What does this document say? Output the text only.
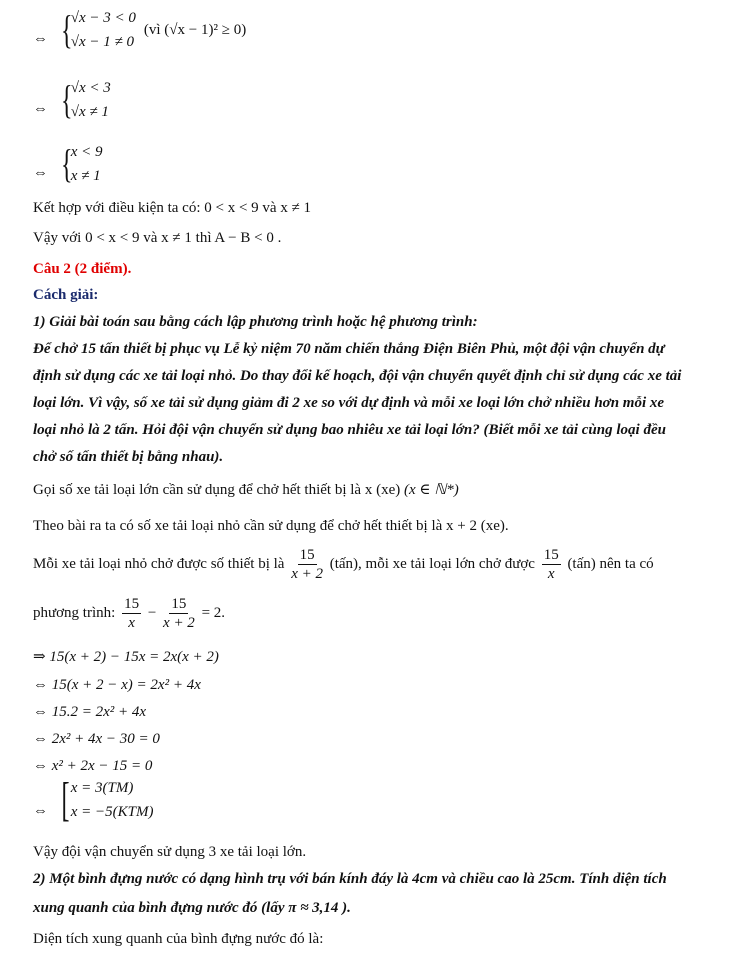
⇔ {
√x − 3 < 0
√x − 1 ≠ 0
(vì (√x − 1)² ≥ 0)
⇔ {
√x < 3
√x ≠ 1
⇔ {
x < 9
x ≠ 1
Kết hợp với điều kiện ta có: 0 < x < 9 và x ≠ 1
Vậy với 0 < x < 9 và x ≠ 1 thì A − B < 0 .
Câu 2 (2 điểm).
Cách giải:
1) Giải bài toán sau bằng cách lập phương trình hoặc hệ phương trình:
Để chở 15 tấn thiết bị phục vụ Lễ kỷ niệm 70 năm chiến thắng Điện Biên Phủ, một đội vận chuyển dự
định sử dụng các xe tải loại nhỏ. Do thay đổi kế hoạch, đội vận chuyển quyết định chỉ sử dụng các xe tải
loại lớn. Vì vậy, số xe tải sử dụng giảm đi 2 xe so với dự định và mỗi xe loại lớn chở nhiều hơn mỗi xe
loại nhỏ là 2 tấn. Hỏi đội vận chuyển sử dụng bao nhiêu xe tải loại lớn? (Biết mỗi xe tải cùng loại đều
chở số tấn thiết bị bằng nhau).
Gọi số xe tải loại lớn cần sử dụng để chở hết thiết bị là x (xe) (x ∈ ℕ*)
Theo bài ra ta có số xe tải loại nhỏ cần sử dụng để chở hết thiết bị là x + 2 (xe).
Mỗi xe tải loại nhỏ chở được số thiết bị là $\frac{15}{x + 2}$ (tấn), mỗi xe tải loại lớn chở được $\frac{15}{x}$ (tấn) nên ta có
phương trình: $\frac{15}{x} - \frac{15}{x + 2} = 2$.
⇒ 15(x + 2) − 15x = 2x(x + 2)
⇔ 15(x + 2 − x) = 2x² + 4x
⇔ 15.2 = 2x² + 4x
⇔ 2x² + 4x − 30 = 0
⇔ x² + 2x − 15 = 0
⇔ [ x = 3(TM)
x = −5(KTM)
Vậy đội vận chuyển sử dụng 3 xe tải loại lớn.
2) Một bình đựng nước có dạng hình trụ với bán kính đáy là 4cm và chiều cao là 25cm. Tính diện tích
xung quanh của bình đựng nước đó (lấy π ≈ 3,14 ).
Diện tích xung quanh của bình đựng nước đó là:
